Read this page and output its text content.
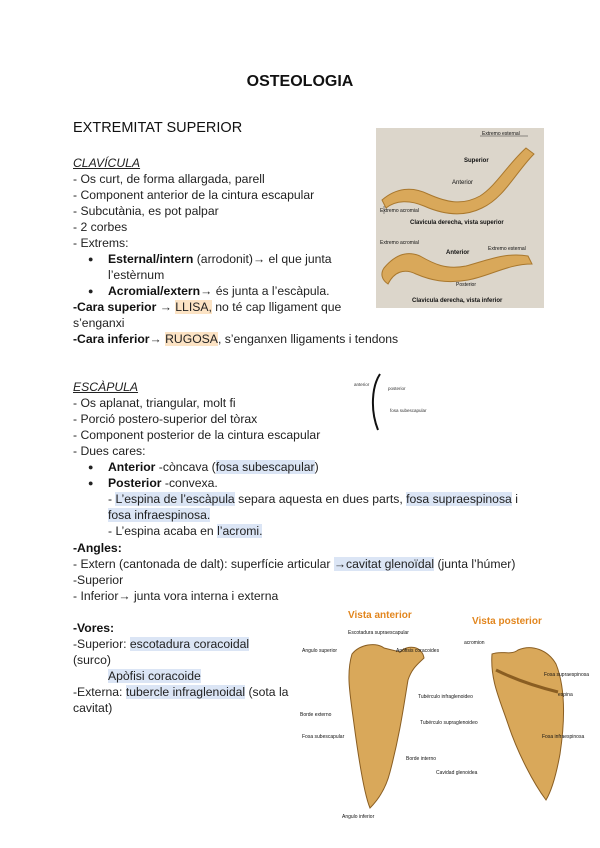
OSTEOLOGIA
EXTREMITAT SUPERIOR
CLAVÍCULA
- Os curt, de forma allargada, parell
- Component anterior de la cintura escapular
- Subcutània, es pot palpar
- 2 corbes
- Extrems:
● Esternal/intern (arrodonit)→ el que junta
l’estèrnum
● Acromial/extern→ és junta a l’escàpula.
-Cara superior → LLISA, no té cap lligament que
s’enganxi
-Cara inferior→ RUGOSA, s’enganxen lligaments i tendons
Extremo esternal
Superior
Anterior
Extremo acromial
Clavicula derecha, vista superior
Extremo acromial
Anterior
Extremo esternal
Posterior
Clavicula derecha, vista inferior
ESCÀPULA
- Os aplanat, triangular, molt fi
- Porció postero-superior del tòrax
- Component posterior de la cintura escapular
- Dues cares:
● Anterior -còncava (fosa subescapular)
● Posterior -convexa.
- L’espina de l’escàpula separa aquesta en dues parts, fosa supraespinosa i
fosa infraespinosa.
- L’espina acaba en l’acromi.
-Angles:
- Extern (cantonada de dalt): superfície articular →cavitat glenoïdal (junta l’húmer)
-Superior
- Inferior→ junta vora interna i externa
-Vores:
-Superior: escotadura coracoidal
(surco)
Apòfisi coracoide
-Externa: tubercle infraglenoidal (sota la
cavitat)
anterior
posterior
fosa subescapular
Vista anterior
Vista posterior
Escotadura supraescapular
Angulo superior	Apófisis coracoides
Tubérculo infraglenoideo
Borde externo
Tubérculo supraglenoideo
Fosa subescapular
Borde interno
Cavidad glenoidea
Angulo inferior
acromion
Fosa supraespinosa
espina
Fosa infraespinosa
